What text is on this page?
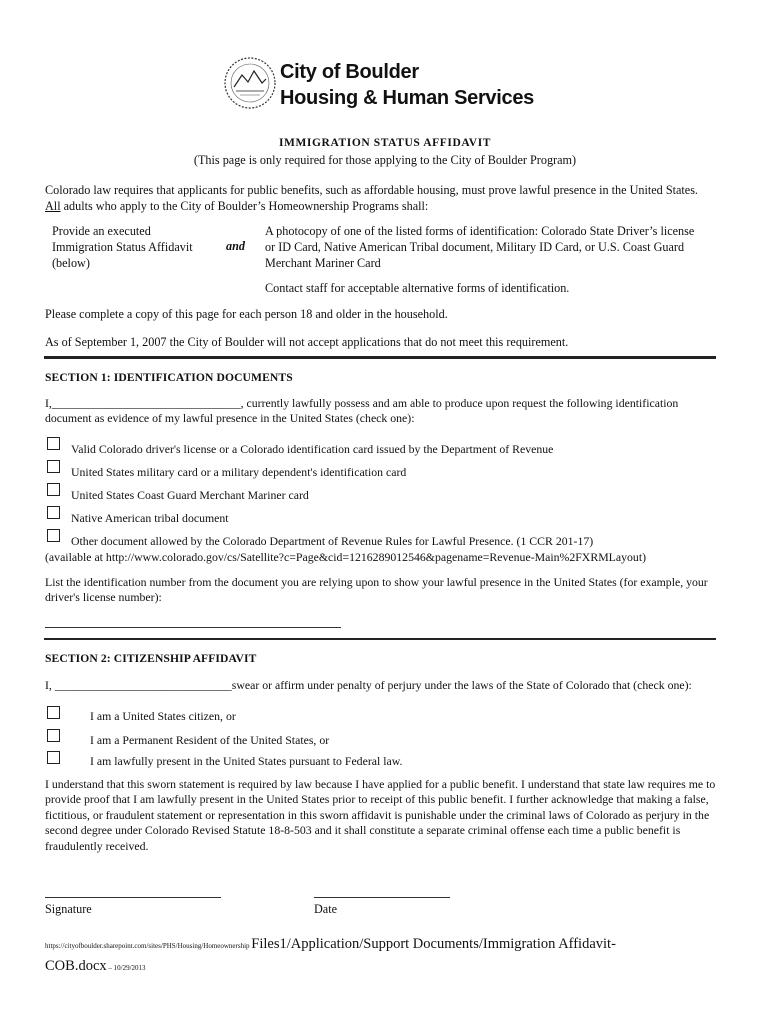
City of Boulder
Housing & Human Services
IMMIGRATION STATUS AFFIDAVIT
(This page is only required for those applying to the City of Boulder Program)
Colorado law requires that applicants for public benefits, such as affordable housing, must prove lawful presence in the United States.
All adults who apply to the City of Boulder’s Homeownership Programs shall:
Provide an executed
Immigration Status Affidavit
(below)
and
A photocopy of one of the listed forms of identification: Colorado State Driver’s license
or ID Card, Native American Tribal document, Military ID Card, or U.S. Coast Guard
Merchant Mariner Card
Contact staff for acceptable alternative forms of identification.
Please complete a copy of this page for each person 18 and older in the household.
As of September 1, 2007 the City of Boulder will not accept applications that do not meet this requirement.
SECTION 1: IDENTIFICATION DOCUMENTS
I,________________________________, currently lawfully possess and am able to produce upon request the following identification
document as evidence of my lawful presence in the United States (check one):
Valid Colorado driver's license or a Colorado identification card issued by the Department of Revenue
United States military card or a military dependent's identification card
United States Coast Guard Merchant Mariner card
Native American tribal document
Other document allowed by the Colorado Department of Revenue Rules for Lawful Presence. (1 CCR 201-17)
(available at http://www.colorado.gov/cs/Satellite?c=Page&cid=1216289012546&pagename=Revenue-Main%2FXRMLayout)
List the identification number from the document you are relying upon to show your lawful presence in the United States (for example, your
driver's license number):
SECTION 2: CITIZENSHIP AFFIDAVIT
I, ______________________________swear or affirm under penalty of perjury under the laws of the State of Colorado that (check one):
I am a United States citizen, or
I am a Permanent Resident of the United States, or
I am lawfully present in the United States pursuant to Federal law.
I understand that this sworn statement is required by law because I have applied for a public benefit. I understand that state law requires me to
provide proof that I am lawfully present in the United States prior to receipt of this public benefit. I further acknowledge that making a false,
fictitious, or fraudulent statement or representation in this sworn affidavit is punishable under the criminal laws of Colorado as perjury in the
second degree under Colorado Revised Statute 18-8-503 and it shall constitute a separate criminal offense each time a public benefit is
fraudulently received.
Signature	Date
https://cityofboulder.sharepoint.com/sites/PHS/Housing/Homeownership Files1/Application/Support Documents/Immigration Affidavit-
COB.docx – 10/29/2013
